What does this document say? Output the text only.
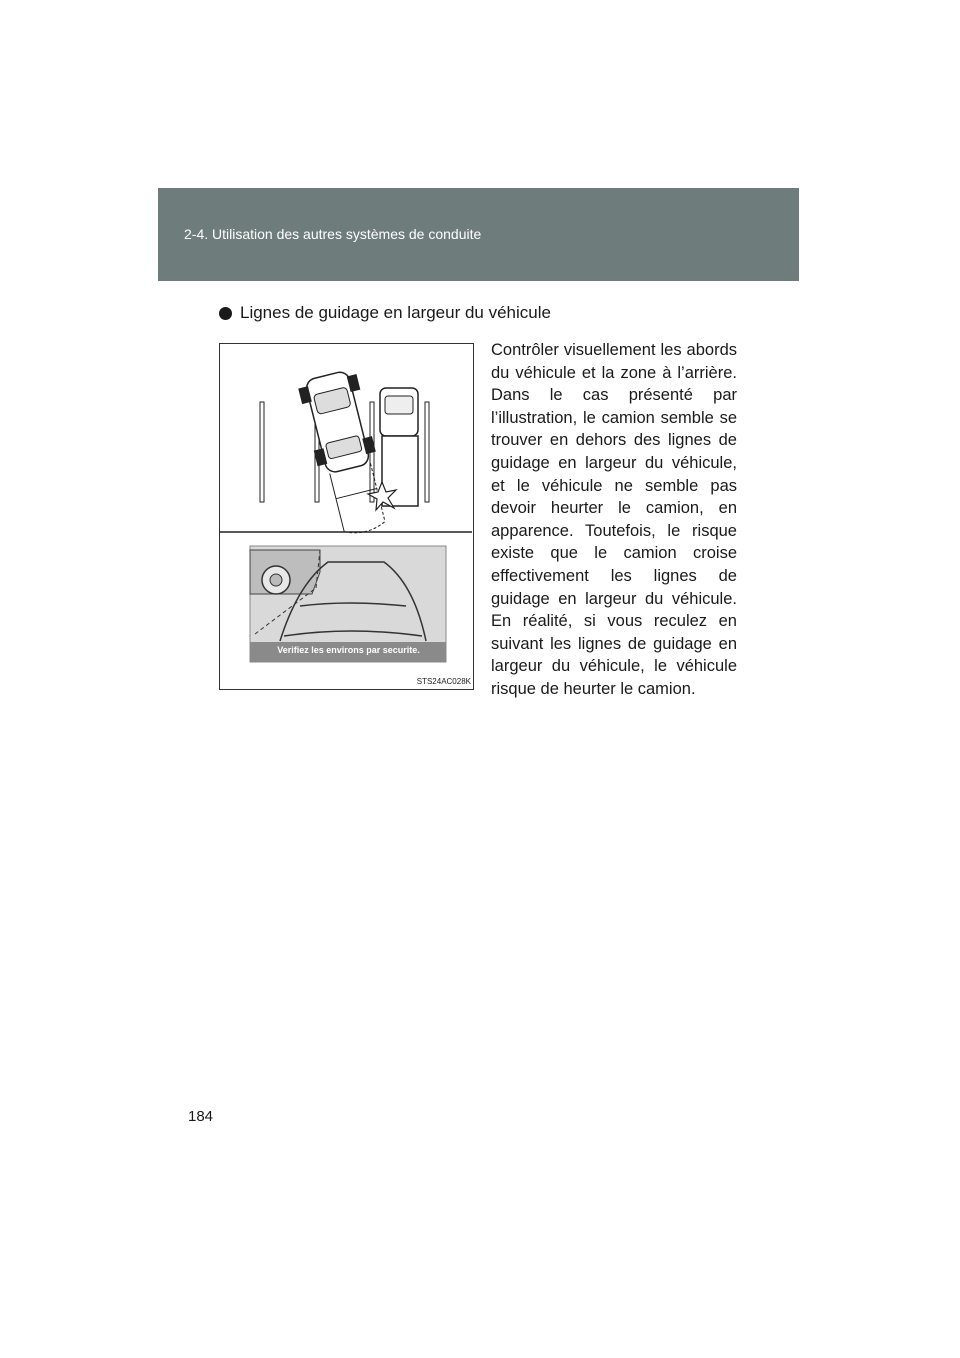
2-4. Utilisation des autres systèmes de conduite
Lignes de guidage en largeur du véhicule
Verifiez les environs par securite.
STS24AC028K
Contrôler visuellement les abords du véhicule et la zone à l’arrière. Dans le cas présenté par l’illustration, le camion semble se trouver en dehors des lignes de guidage en largeur du véhicule, et le véhicule ne semble pas devoir heurter le camion, en apparence. Toutefois, le risque existe que le camion croise effectivement les lignes de guidage en largeur du véhicule. En réalité, si vous reculez en suivant les lignes de guidage en largeur du véhicule, le véhicule risque de heurter le camion.
184
